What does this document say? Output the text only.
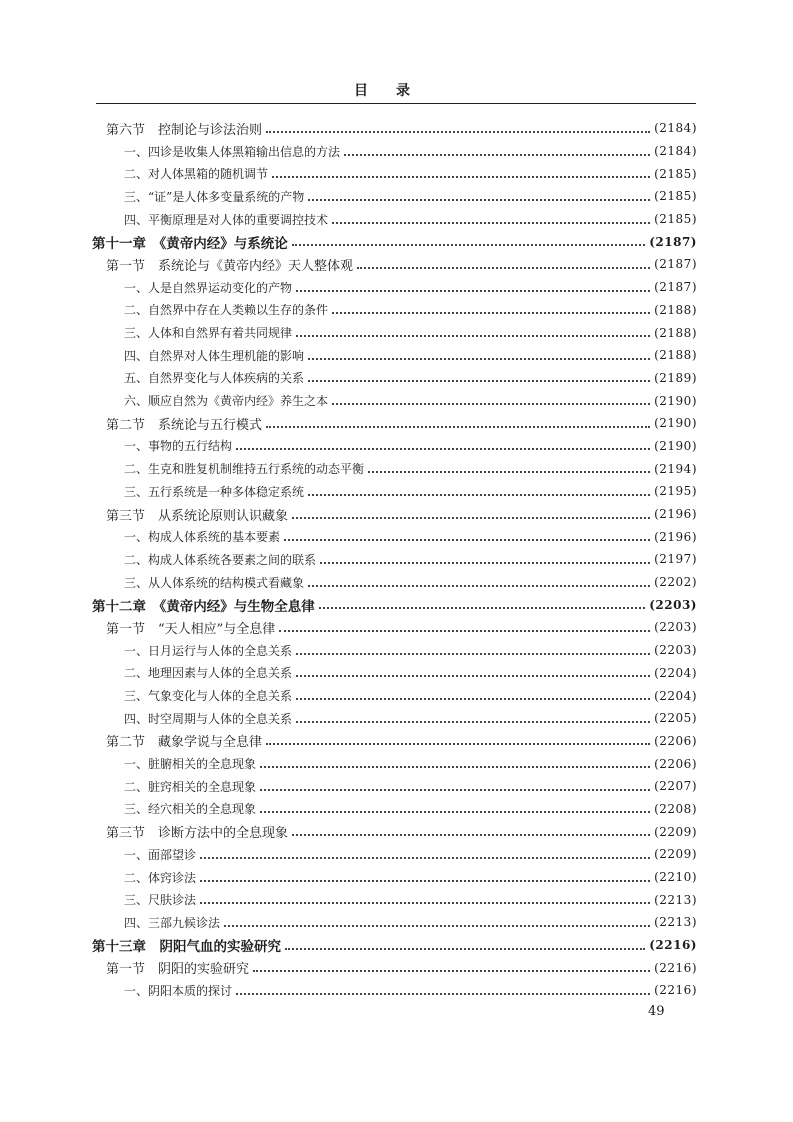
目录
第六节　控制论与诊法治则	(2184)
一、四诊是收集人体黑箱输出信息的方法	(2184)
二、对人体黑箱的随机调节	(2185)
三、“证”是人体多变量系统的产物	(2185)
四、平衡原理是对人体的重要调控技术	(2185)
第十一章　《黄帝内经》与系统论	(2187)
第一节　系统论与《黄帝内经》天人整体观	(2187)
一、人是自然界运动变化的产物	(2187)
二、自然界中存在人类赖以生存的条件	(2188)
三、人体和自然界有着共同规律	(2188)
四、自然界对人体生理机能的影响	(2188)
五、自然界变化与人体疾病的关系	(2189)
六、顺应自然为《黄帝内经》养生之本	(2190)
第二节　系统论与五行模式	(2190)
一、事物的五行结构	(2190)
二、生克和胜复机制维持五行系统的动态平衡	(2194)
三、五行系统是一种多体稳定系统	(2195)
第三节　从系统论原则认识藏象	(2196)
一、构成人体系统的基本要素	(2196)
二、构成人体系统各要素之间的联系	(2197)
三、从人体系统的结构模式看藏象	(2202)
第十二章　《黄帝内经》与生物全息律	(2203)
第一节　“天人相应”与全息律	(2203)
一、日月运行与人体的全息关系	(2203)
二、地理因素与人体的全息关系	(2204)
三、气象变化与人体的全息关系	(2204)
四、时空周期与人体的全息关系	(2205)
第二节　藏象学说与全息律	(2206)
一、脏腑相关的全息现象	(2206)
二、脏窍相关的全息现象	(2207)
三、经穴相关的全息现象	(2208)
第三节　诊断方法中的全息现象	(2209)
一、面部望诊	(2209)
二、体窍诊法	(2210)
三、尺肤诊法	(2213)
四、三部九候诊法	(2213)
第十三章　阴阳气血的实验研究	(2216)
第一节　阴阳的实验研究	(2216)
一、阴阳本质的探讨	(2216)
49
